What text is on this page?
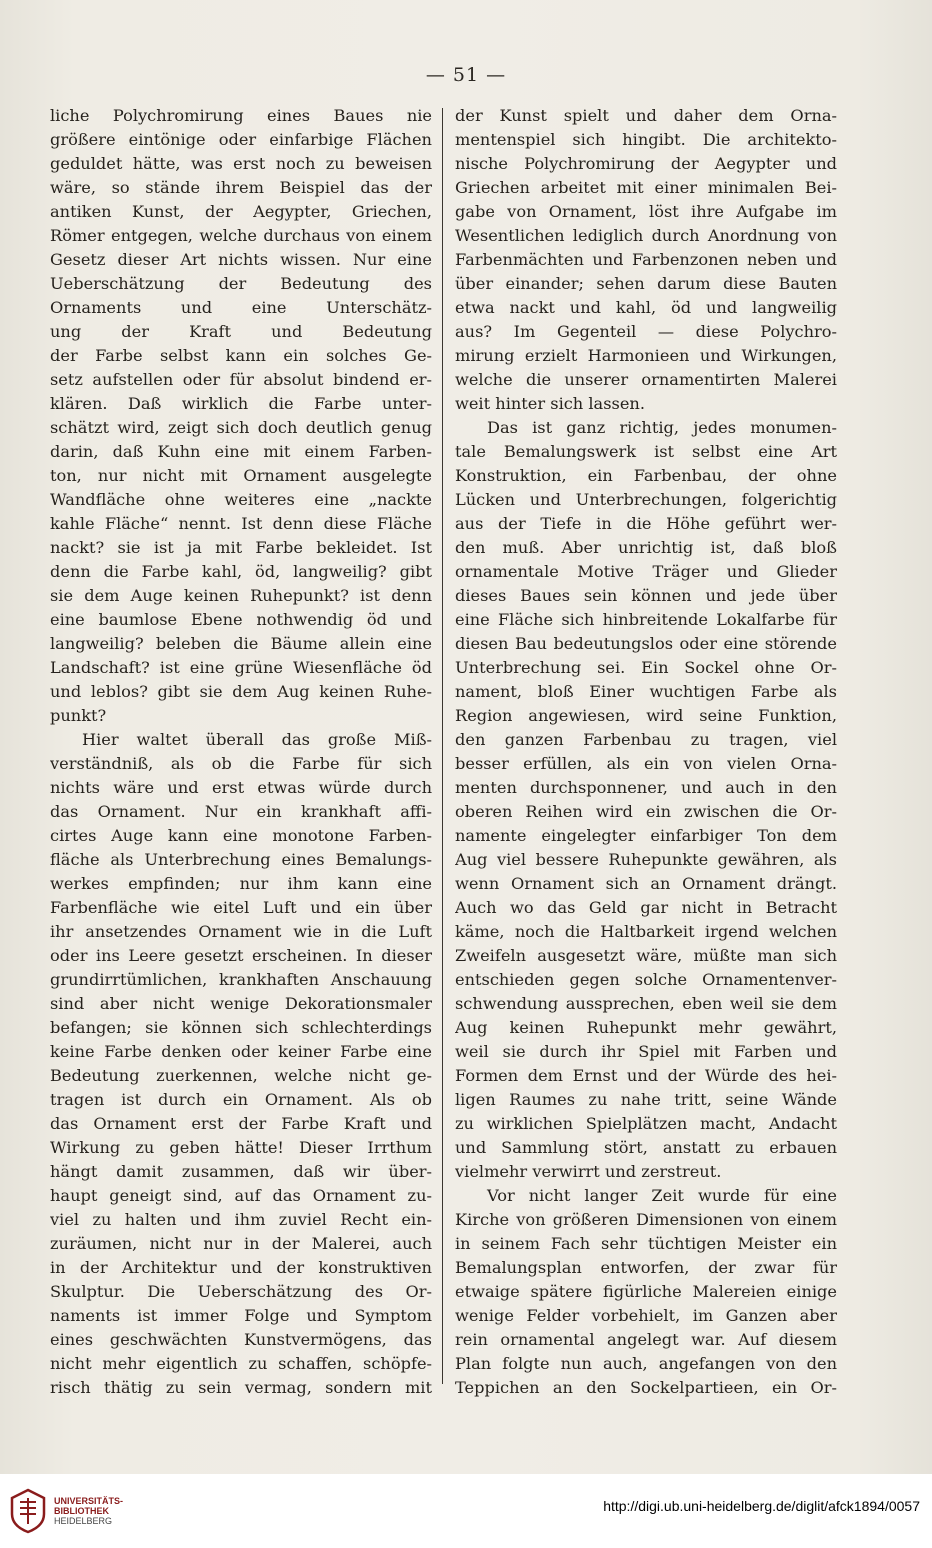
— 51 —
liche Polychromirung eines Baues nie
größere eintönige oder einfarbige Flächen
geduldet hätte, was erst noch zu beweisen
wäre, so stände ihrem Beispiel das der
antiken Kunst, der Aegypter, Griechen,
Römer entgegen, welche durchaus von einem
Gesetz dieser Art nichts wissen. Nur eine
Ueberschätzung der Bedeutung des
Ornaments und eine Unterschätz-
ung der Kraft und Bedeutung
der Farbe selbst kann ein solches Ge-
setz aufstellen oder für absolut bindend er-
klären. Daß wirklich die Farbe unter-
schätzt wird, zeigt sich doch deutlich genug
darin, daß Kuhn eine mit einem Farben-
ton, nur nicht mit Ornament ausgelegte
Wandfläche ohne weiteres eine „nackte
kahle Fläche“ nennt. Ist denn diese Fläche
nackt? sie ist ja mit Farbe bekleidet. Ist
denn die Farbe kahl, öd, langweilig? gibt
sie dem Auge keinen Ruhepunkt? ist denn
eine baumlose Ebene nothwendig öd und
langweilig? beleben die Bäume allein eine
Landschaft? ist eine grüne Wiesenfläche öd
und leblos? gibt sie dem Aug keinen Ruhe-
punkt?
Hier waltet überall das große Miß-
verständniß, als ob die Farbe für sich
nichts wäre und erst etwas würde durch
das Ornament. Nur ein krankhaft affi-
cirtes Auge kann eine monotone Farben-
fläche als Unterbrechung eines Bemalungs-
werkes empfinden; nur ihm kann eine
Farbenfläche wie eitel Luft und ein über
ihr ansetzendes Ornament wie in die Luft
oder ins Leere gesetzt erscheinen. In dieser
grundirrtümlichen, krankhaften Anschauung
sind aber nicht wenige Dekorationsmaler
befangen; sie können sich schlechterdings
keine Farbe denken oder keiner Farbe eine
Bedeutung zuerkennen, welche nicht ge-
tragen ist durch ein Ornament. Als ob
das Ornament erst der Farbe Kraft und
Wirkung zu geben hätte! Dieser Irrthum
hängt damit zusammen, daß wir über-
haupt geneigt sind, auf das Ornament zu-
viel zu halten und ihm zuviel Recht ein-
zuräumen, nicht nur in der Malerei, auch
in der Architektur und der konstruktiven
Skulptur. Die Ueberschätzung des Or-
naments ist immer Folge und Symptom
eines geschwächten Kunstvermögens, das
nicht mehr eigentlich zu schaffen, schöpfe-
risch thätig zu sein vermag, sondern mit
der Kunst spielt und daher dem Orna-
mentenspiel sich hingibt. Die architekto-
nische Polychromirung der Aegypter und
Griechen arbeitet mit einer minimalen Bei-
gabe von Ornament, löst ihre Aufgabe im
Wesentlichen lediglich durch Anordnung von
Farbenmächten und Farbenzonen neben und
über einander; sehen darum diese Bauten
etwa nackt und kahl, öd und langweilig
aus? Im Gegenteil — diese Polychro-
mirung erzielt Harmonieen und Wirkungen,
welche die unserer ornamentirten Malerei
weit hinter sich lassen.
Das ist ganz richtig, jedes monumen-
tale Bemalungswerk ist selbst eine Art
Konstruktion, ein Farbenbau, der ohne
Lücken und Unterbrechungen, folgerichtig
aus der Tiefe in die Höhe geführt wer-
den muß. Aber unrichtig ist, daß bloß
ornamentale Motive Träger und Glieder
dieses Baues sein können und jede über
eine Fläche sich hinbreitende Lokalfarbe für
diesen Bau bedeutungslos oder eine störende
Unterbrechung sei. Ein Sockel ohne Or-
nament, bloß Einer wuchtigen Farbe als
Region angewiesen, wird seine Funktion,
den ganzen Farbenbau zu tragen, viel
besser erfüllen, als ein von vielen Orna-
menten durchsponnener, und auch in den
oberen Reihen wird ein zwischen die Or-
namente eingelegter einfarbiger Ton dem
Aug viel bessere Ruhepunkte gewähren, als
wenn Ornament sich an Ornament drängt.
Auch wo das Geld gar nicht in Betracht
käme, noch die Haltbarkeit irgend welchen
Zweifeln ausgesetzt wäre, müßte man sich
entschieden gegen solche Ornamentenver-
schwendung aussprechen, eben weil sie dem
Aug keinen Ruhepunkt mehr gewährt,
weil sie durch ihr Spiel mit Farben und
Formen dem Ernst und der Würde des hei-
ligen Raumes zu nahe tritt, seine Wände
zu wirklichen Spielplätzen macht, Andacht
und Sammlung stört, anstatt zu erbauen
vielmehr verwirrt und zerstreut.
Vor nicht langer Zeit wurde für eine
Kirche von größeren Dimensionen von einem
in seinem Fach sehr tüchtigen Meister ein
Bemalungsplan entworfen, der zwar für
etwaige spätere figürliche Malereien einige
wenige Felder vorbehielt, im Ganzen aber
rein ornamental angelegt war. Auf diesem
Plan folgte nun auch, angefangen von den
Teppichen an den Sockelpartieen, ein Or-
UNIVERSITÄTS-
BIBLIOTHEK
HEIDELBERG
http://digi.ub.uni-heidelberg.de/diglit/afck1894/0057
